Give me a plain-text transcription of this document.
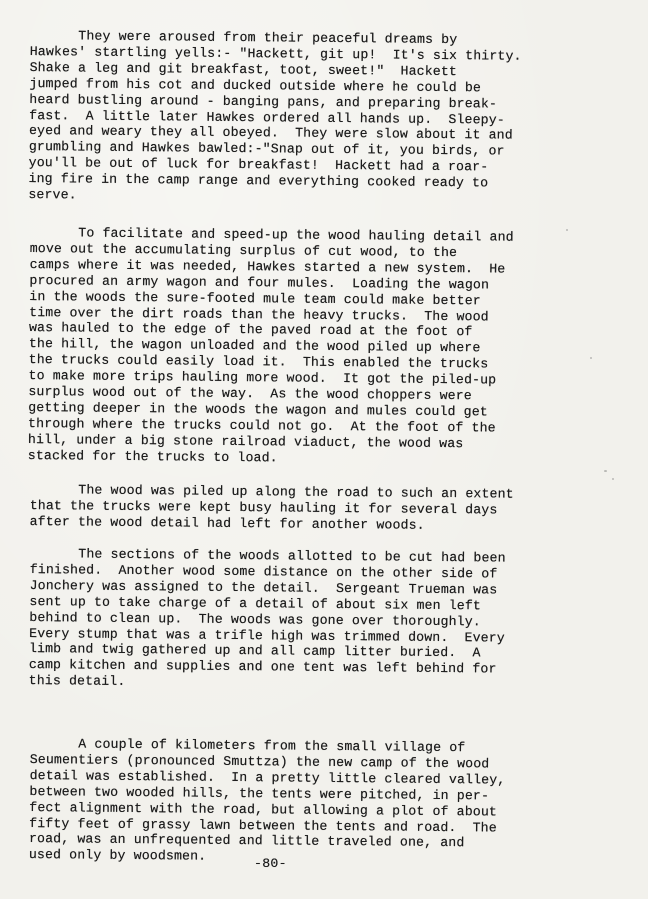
They were aroused from their peaceful dreams by
Hawkes' startling yells:- "Hackett, git up!  It's six thirty.
Shake a leg and git breakfast, toot, sweet!"  Hackett
jumped from his cot and ducked outside where he could be
heard bustling around - banging pans, and preparing break-
fast.  A little later Hawkes ordered all hands up.  Sleepy-
eyed and weary they all obeyed.  They were slow about it and
grumbling and Hawkes bawled:-"Snap out of it, you birds, or
you'll be out of luck for breakfast!  Hackett had a roar-
ing fire in the camp range and everything cooked ready to
serve.

To facilitate and speed-up the wood hauling detail and
move out the accumulating surplus of cut wood, to the
camps where it was needed, Hawkes started a new system.  He
procured an army wagon and four mules.  Loading the wagon
in the woods the sure-footed mule team could make better
time over the dirt roads than the heavy trucks.  The wood
was hauled to the edge of the paved road at the foot of
the hill, the wagon unloaded and the wood piled up where
the trucks could easily load it.  This enabled the trucks
to make more trips hauling more wood.  It got the piled-up
surplus wood out of the way.  As the wood choppers were
getting deeper in the woods the wagon and mules could get
through where the trucks could not go.  At the foot of the
hill, under a big stone railroad viaduct, the wood was
stacked for the trucks to load.

The wood was piled up along the road to such an extent
that the trucks were kept busy hauling it for several days
after the wood detail had left for another woods.

The sections of the woods allotted to be cut had been
finished.  Another wood some distance on the other side of
Jonchery was assigned to the detail.  Sergeant Trueman was
sent up to take charge of a detail of about six men left
behind to clean up.  The woods was gone over thoroughly.
Every stump that was a trifle high was trimmed down.  Every
limb and twig gathered up and all camp litter buried.  A
camp kitchen and supplies and one tent was left behind for
this detail.

A couple of kilometers from the small village of
Seumentiers (pronounced Smuttza) the new camp of the wood
detail was established.  In a pretty little cleared valley,
between two wooded hills, the tents were pitched, in per-
fect alignment with the road, but allowing a plot of about
fifty feet of grassy lawn between the tents and road.  The
road, was an unfrequented and little traveled one, and
used only by woodsmen.	-80-
